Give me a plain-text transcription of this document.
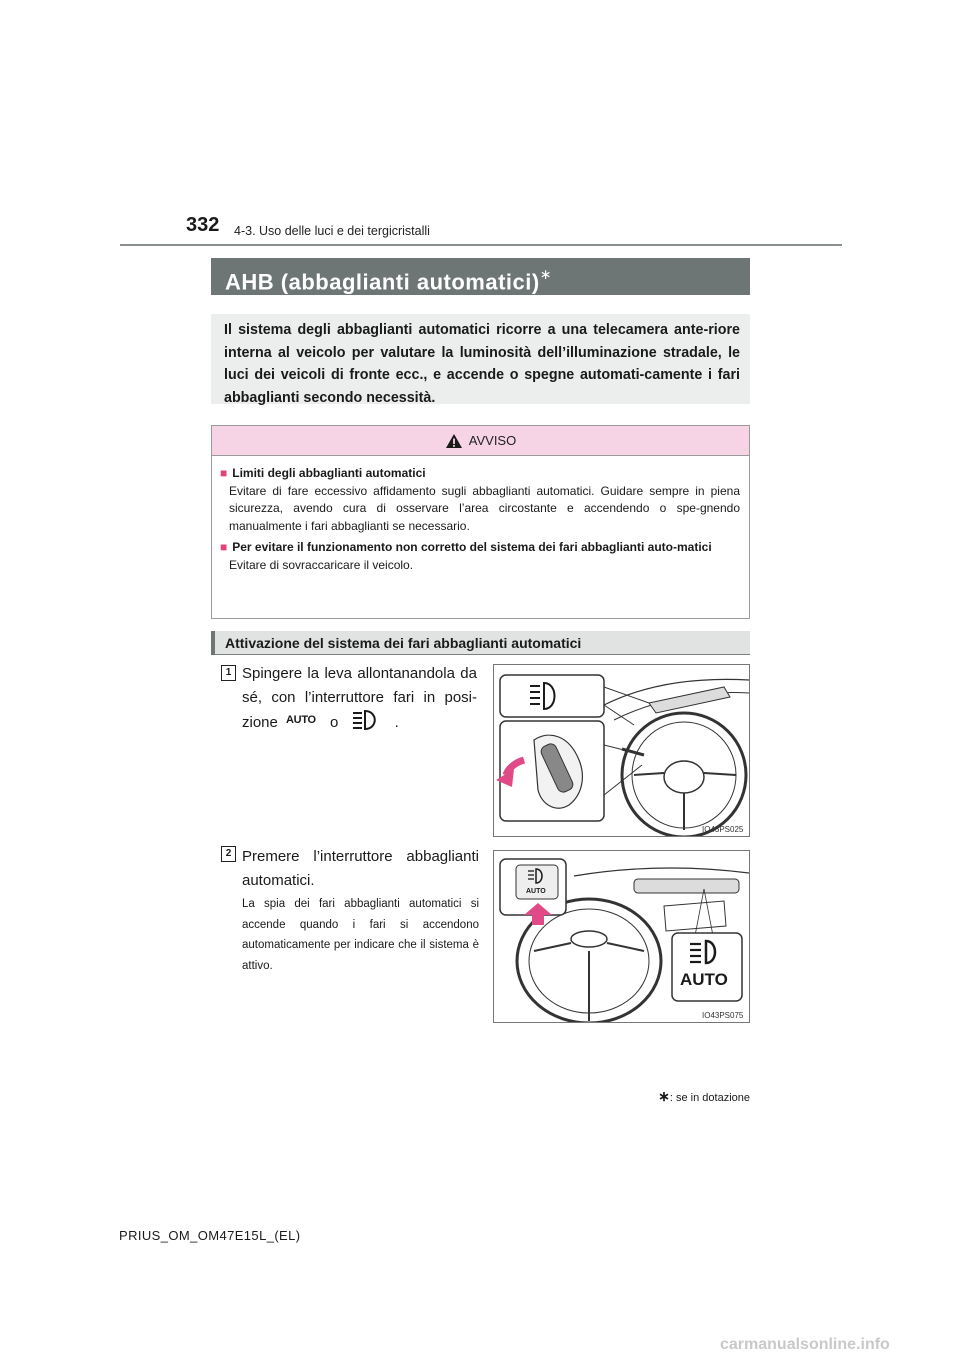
332 4-3. Uso delle luci e dei tergicristalli
AHB (abbaglianti automatici)∗
Il sistema degli abbaglianti automatici ricorre a una telecamera ante-riore interna al veicolo per valutare la luminosità dell’illuminazione stradale, le luci dei veicoli di fronte ecc., e accende o spegne automati-camente i fari abbaglianti secondo necessità.
AVVISO
■ Limiti degli abbaglianti automatici
Evitare di fare eccessivo affidamento sugli abbaglianti automatici. Guidare sempre in piena sicurezza, avendo cura di osservare l’area circostante e accendendo o spe-gnendo manualmente i fari abbaglianti se necessario.
■ Per evitare il funzionamento non corretto del sistema dei fari abbaglianti auto-matici
Evitare di sovraccaricare il veicolo.
Attivazione del sistema dei fari abbaglianti automatici
1 Spingere la leva allontanandola da sé, con l’interruttore fari in posi-zione $^{AUTO}$ o	.
IO43PS025
2 Premere l’interruttore abbaglianti automatici.
La spia dei fari abbaglianti automatici si accende quando i fari si accendono automaticamente per indicare che il sistema è attivo.
AUTO
AUTO
IO43PS075
∗: se in dotazione
PRIUS_OM_OM47E15L_(EL)
carmanualsonline.info
